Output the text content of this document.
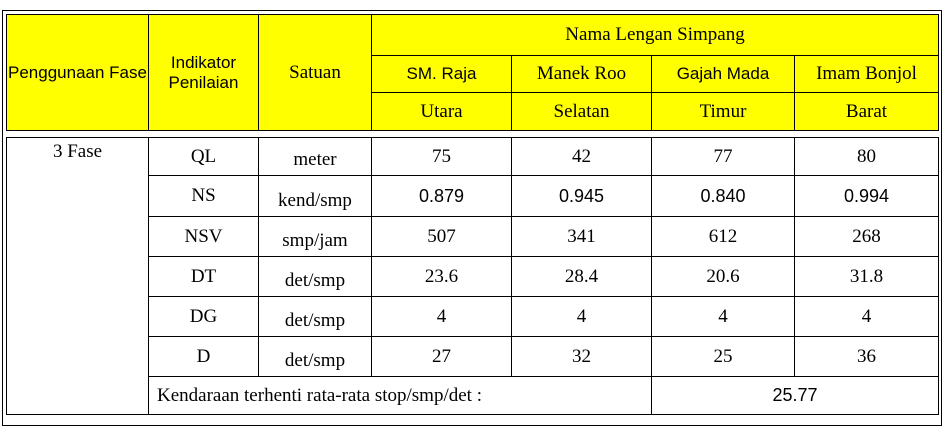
Penggunaan Fase	Indikator Penilaian	Satuan	Nama Lengan Simpang			
			SM. Raja	Manek Roo	Gajah Mada	Imam Bonjol
			Utara	Selatan	Timur	Barat

3 Fase	QL	meter	75	42	77	80
	NS	kend/smp	0.879	0.945	0.840	0.994
	NSV	smp/jam	507	341	612	268
	DT	det/smp	23.6	28.4	20.6	31.8
	DG	det/smp	4	4	4	4
	D	det/smp	27	32	25	36
	Kendaraan terhenti rata-rata stop/smp/det :				25.77	
